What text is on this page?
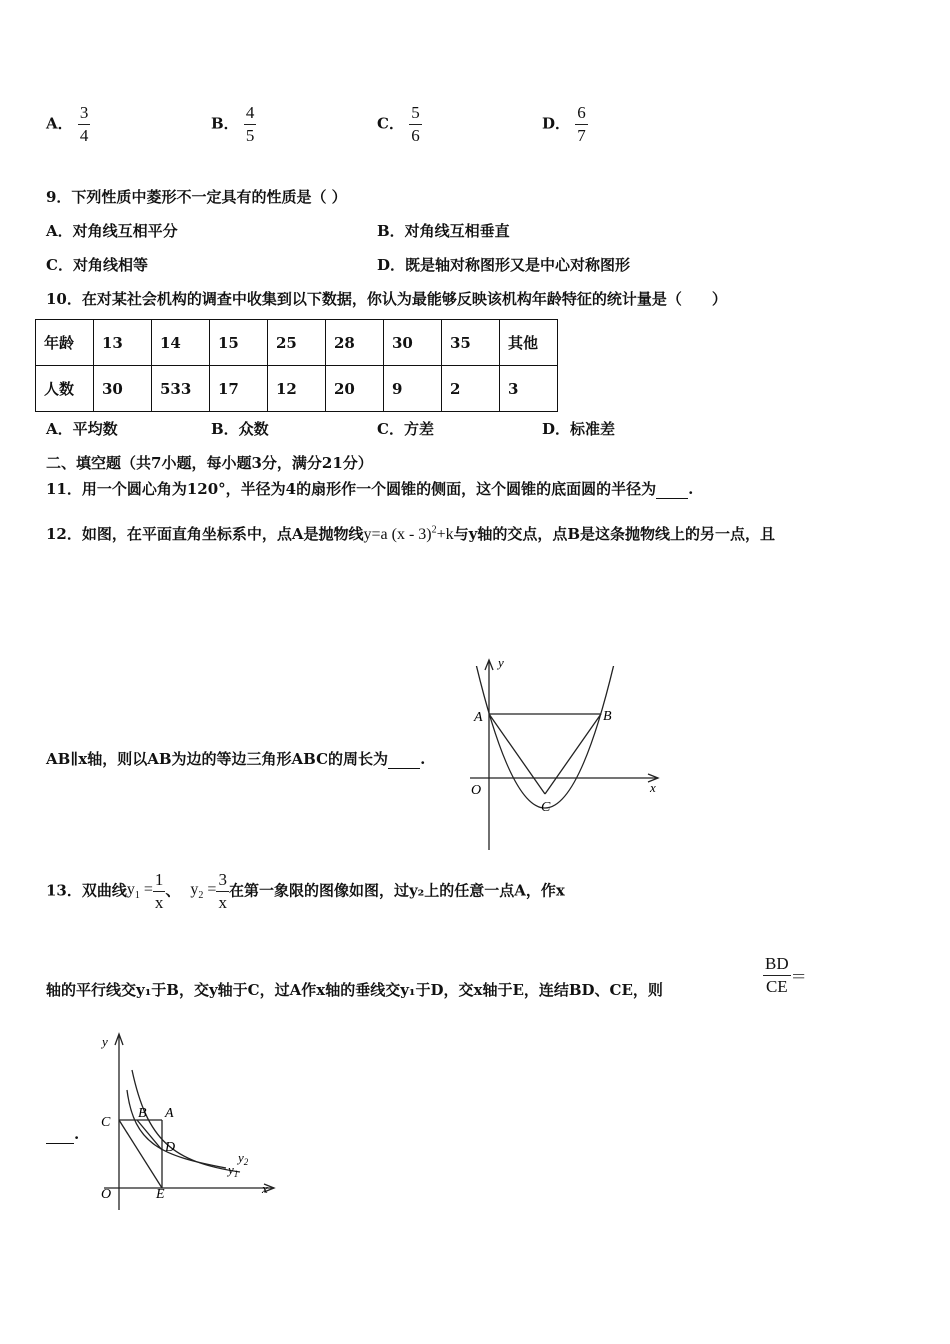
A． $\frac{3}{4}$	B． $\frac{4}{5}$	C． $\frac{5}{6}$	D． $\frac{6}{7}$
9．下列性质中菱形不一定具有的性质是（ ）
A．对角线互相平分	B．对角线互相垂直
C．对角线相等	D．既是轴对称图形又是中心对称图形
10．在对某社会机构的调查中收集到以下数据，你认为最能够反映该机构年龄特征的统计量是（　　）
年龄	13	14	15	25	28	30	35	其他
人数	30	533	17	12	20	9	2	3
A．平均数	B．众数	C．方差	D．标准差
二、填空题（共7小题，每小题3分，满分21分）
11．用一个圆心角为120°，半径为4的扇形作一个圆锥的侧面，这个圆锥的底面圆的半径为 .
12．如图，在平面直角坐标系中，点A是抛物线y=a (x - 3)$^2$+k与y轴的交点，点B是这条抛物线上的另一点，且
AB∥x轴，则以AB为边的等边三角形ABC的周长为 .
y
x
A	B
C
O
13．双曲线$y_1 = \frac{1}{x}$ 、 $y_2 = \frac{3}{x}$ 在第一象限的图像如图，过y₂上的任意一点A，作x
轴的平行线交y₁于B，交y轴于C，过A作x轴的垂线交y₁于D，交x轴于E，连结BD、CE，则	$\frac{BD}{CE}$ ＝
.
y
x
C
B A
D
O	E
$y_2$
$y_1$
